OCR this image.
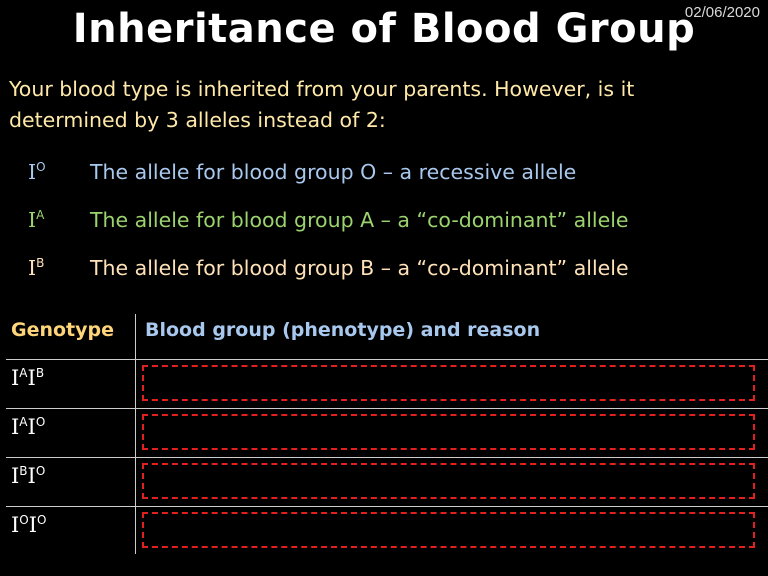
02/06/2020
Inheritance of Blood Group
Your blood type is inherited from your parents. However, is it determined by 3 alleles instead of 2:
$I^O$	The allele for blood group O – a recessive allele
$I^A$	The allele for blood group A – a “co-dominant” allele
$I^B$	The allele for blood group B – a “co-dominant” allele
Genotype Blood group (phenotype) and reason
$I^AI^B$
$I^AI^O$
$I^BI^O$
$I^OI^O$
